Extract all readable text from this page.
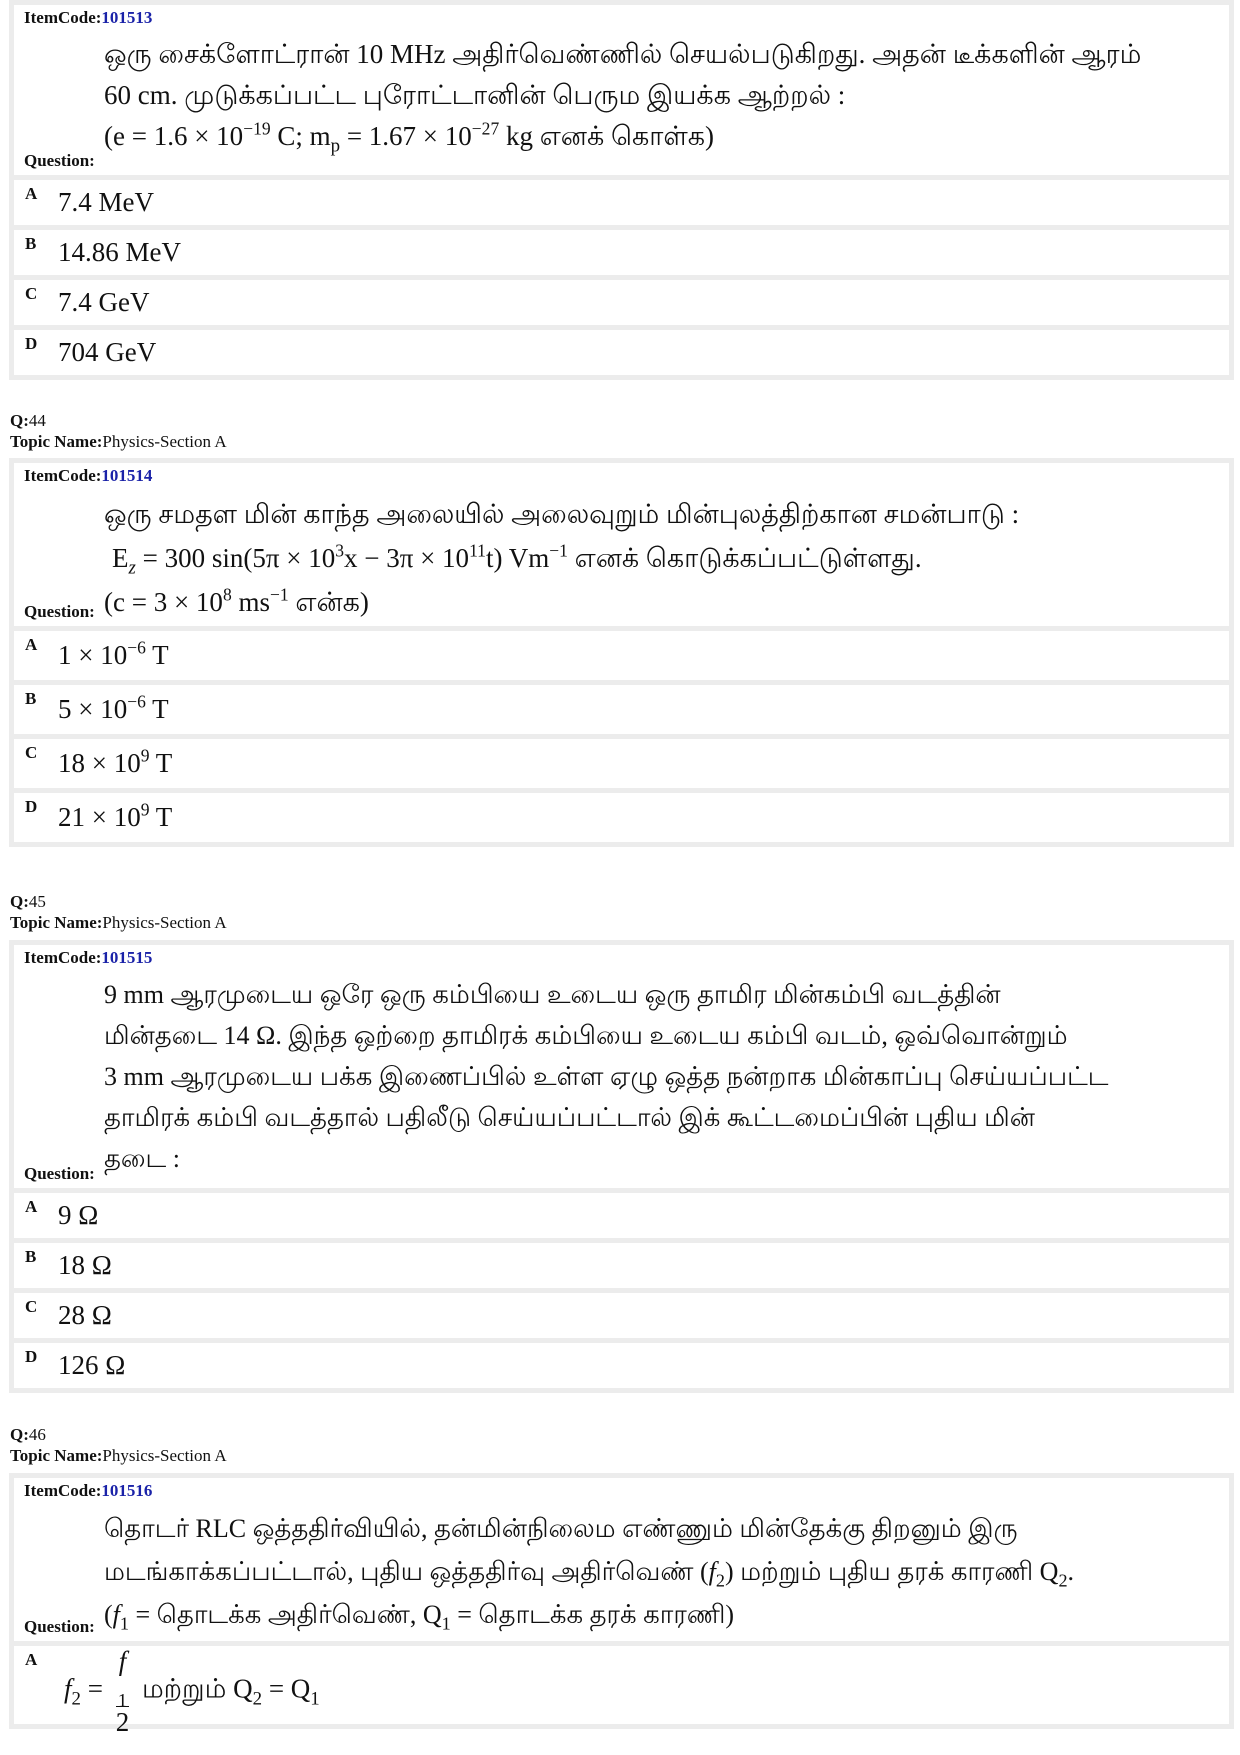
ItemCode:101513
ஒரு சைக்ளோட்ரான் 10 MHz அதிர்வெண்ணில் செயல்படுகிறது. அதன் டீக்களின் ஆரம்
60 cm. முடுக்கப்பட்ட புரோட்டானின் பெரும இயக்க ஆற்றல் :
($e = 1.6 \times 10^{-19}$ C; $m_p = 1.67 \times 10^{-27}$ kg எனக் கொள்க)
Question:
A 7.4 MeV
B 14.86 MeV
C 7.4 GeV
D 704 GeV
Q:44
Topic Name:Physics-Section A
ItemCode:101514
ஒரு சமதள மின் காந்த அலையில் அலைவுறும் மின்புலத்திற்கான சமன்பாடு :
$E_z = 300$ $\sin(5\pi \times 10^3x - 3\pi \times 10^{11}t)$ $Vm^{-1}$ எனக் கொடுக்கப்பட்டுள்ளது.
($c = 3 \times 10^8$ $ms^{-1}$ என்க)
Question:
A $1 \times 10^{-6}$ T
B $5 \times 10^{-6}$ T
C $18 \times 10^9$ T
D $21 \times 10^9$ T
Q:45
Topic Name:Physics-Section A
ItemCode:101515
9 mm ஆரமுடைய ஒரே ஒரு கம்பியை உடைய ஒரு தாமிர மின்கம்பி வடத்தின்
மின்தடை 14 Ω. இந்த ஒற்றை தாமிரக் கம்பியை உடைய கம்பி வடம், ஒவ்வொன்றும்
3 mm ஆரமுடைய பக்க இணைப்பில் உள்ள ஏழு ஒத்த நன்றாக மின்காப்பு செய்யப்பட்ட
தாமிரக் கம்பி வடத்தால் பதிலீடு செய்யப்பட்டால் இக் கூட்டமைப்பின் புதிய மின்
தடை :
Question:
A 9 Ω
B 18 Ω
C 28 Ω
D 126 Ω
Q:46
Topic Name:Physics-Section A
ItemCode:101516
தொடர் RLC ஒத்ததிர்வியில், தன்மின்நிலைம எண்ணும் மின்தேக்கு திறனும் இரு
மடங்காக்கப்பட்டால், புதிய ஒத்ததிர்வு அதிர்வெண் $(f_2)$ மற்றும் புதிய தரக் காரணி $Q_2$.
($f_1$ = தொடக்க அதிர்வெண், $Q_1$ = தொடக்க தரக் காரணி)
Question:
A
$f_2 = f$
$_1$
2 மற்றும் $Q_2 = Q_1$
